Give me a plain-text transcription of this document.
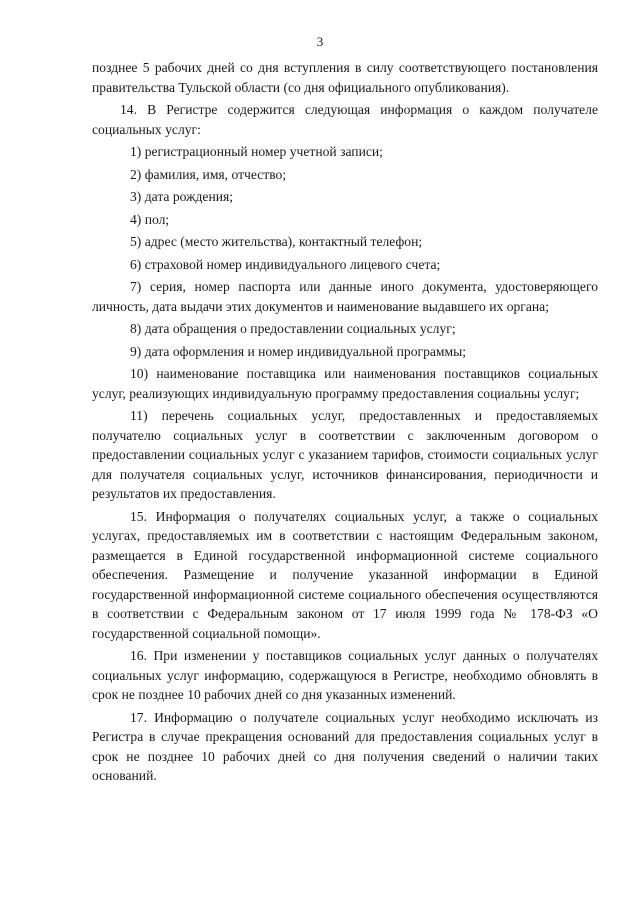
3

позднее 5 рабочих дней со дня вступления в силу соответствующего постановления правительства Тульской области (со дня официального опубликования).

14. В Регистре содержится следующая информация о каждом получателе социальных услуг:

1) регистрационный номер учетной записи;

2) фамилия, имя, отчество;

3) дата рождения;

4) пол;

5) адрес (место жительства), контактный телефон;

6) страховой номер индивидуального лицевого счета;

7) серия, номер паспорта или данные иного документа, удостоверяющего личность, дата выдачи этих документов и наименование выдавшего их органа;

8) дата обращения о предоставлении социальных услуг;

9) дата оформления и номер индивидуальной программы;

10) наименование поставщика или наименования поставщиков социальных услуг, реализующих индивидуальную программу предоставления социальны услуг;

11) перечень социальных услуг, предоставленных и предоставляемых получателю социальных услуг в соответствии с заключенным договором о предоставлении социальных услуг с указанием тарифов, стоимости социальных услуг для получателя социальных услуг, источников финансирования, периодичности и результатов их предоставления.

15. Информация о получателях социальных услуг, а также о социальных услугах, предоставляемых им в соответствии с настоящим Федеральным законом, размещается в Единой государственной информационной системе социального обеспечения. Размещение и получение указанной информации в Единой государственной информационной системе социального обеспечения осуществляются в соответствии с Федеральным законом от 17 июля 1999 года № 178-ФЗ «О государственной социальной помощи».

16. При изменении у поставщиков социальных услуг данных о получателях социальных услуг информацию, содержащуюся в Регистре, необходимо обновлять в срок не позднее 10 рабочих дней со дня указанных изменений.

17. Информацию о получателе социальных услуг необходимо исключать из Регистра в случае прекращения оснований для предоставления социальных услуг в срок не позднее 10 рабочих дней со дня получения сведений о наличии таких оснований.
